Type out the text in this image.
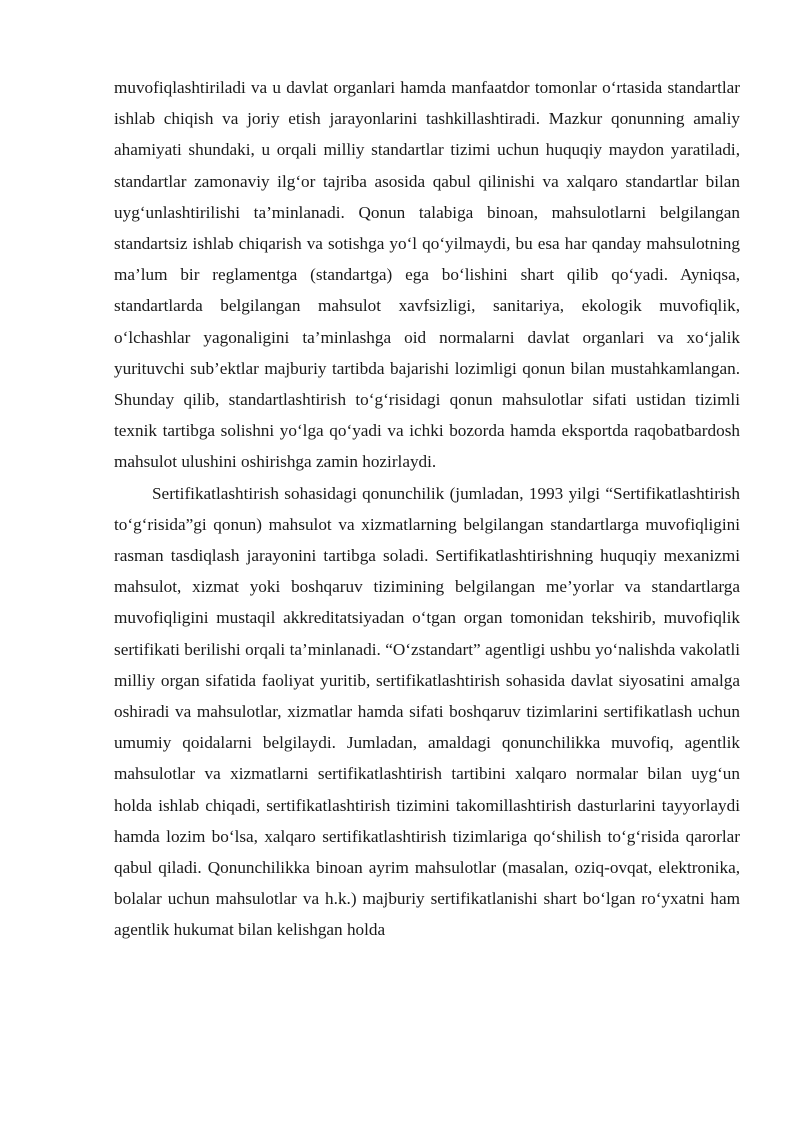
muvofiqlashtiriladi va u davlat organlari hamda manfaatdor tomonlar o‘rtasida standartlar ishlab chiqish va joriy etish jarayonlarini tashkillashtiradi. Mazkur qonunning amaliy ahamiyati shundaki, u orqali milliy standartlar tizimi uchun huquqiy maydon yaratiladi, standartlar zamonaviy ilg‘or tajriba asosida qabul qilinishi va xalqaro standartlar bilan uyg‘unlashtirilishi ta’minlanadi. Qonun talabiga binoan, mahsulotlarni belgilangan standartsiz ishlab chiqarish va sotishga yo‘l qo‘yilmaydi, bu esa har qanday mahsulotning ma’lum bir reglamentga (standartga) ega bo‘lishini shart qilib qo‘yadi. Ayniqsa, standartlarda belgilangan mahsulot xavfsizligi, sanitariya, ekologik muvofiqlik, o‘lchashlar yagonaligini ta’minlashga oid normalarni davlat organlari va xo‘jalik yurituvchi sub’ektlar majburiy tartibda bajarishi lozimligi qonun bilan mustahkamlangan. Shunday qilib, standartlashtirish to‘g‘risidagi qonun mahsulotlar sifati ustidan tizimli texnik tartibga solishni yo‘lga qo‘yadi va ichki bozorda hamda eksportda raqobatbardosh mahsulot ulushini oshirishga zamin hozirlaydi.

Sertifikatlashtirish sohasidagi qonunchilik (jumladan, 1993 yilgi “Sertifikatlashtirish to‘g‘risida”gi qonun) mahsulot va xizmatlarning belgilangan standartlarga muvofiqligini rasman tasdiqlash jarayonini tartibga soladi. Sertifikatlashtirishning huquqiy mexanizmi mahsulot, xizmat yoki boshqaruv tizimining belgilangan me’yorlar va standartlarga muvofiqligini mustaqil akkreditatsiyadan o‘tgan organ tomonidan tekshirib, muvofiqlik sertifikati berilishi orqali ta’minlanadi. “O‘zstandart” agentligi ushbu yo‘nalishda vakolatli milliy organ sifatida faoliyat yuritib, sertifikatlashtirish sohasida davlat siyosatini amalga oshiradi va mahsulotlar, xizmatlar hamda sifati boshqaruv tizimlarini sertifikatlash uchun umumiy qoidalarni belgilaydi. Jumladan, amaldagi qonunchilikka muvofiq, agentlik mahsulotlar va xizmatlarni sertifikatlashtirish tartibini xalqaro normalar bilan uyg‘un holda ishlab chiqadi, sertifikatlashtirish tizimini takomillashtirish dasturlarini tayyorlaydi hamda lozim bo‘lsa, xalqaro sertifikatlashtirish tizimlariga qo‘shilish to‘g‘risida qarorlar qabul qiladi. Qonunchilikka binoan ayrim mahsulotlar (masalan, oziq-ovqat, elektronika, bolalar uchun mahsulotlar va h.k.) majburiy sertifikatlanishi shart bo‘lgan ro‘yxatni ham agentlik hukumat bilan kelishgan holda
